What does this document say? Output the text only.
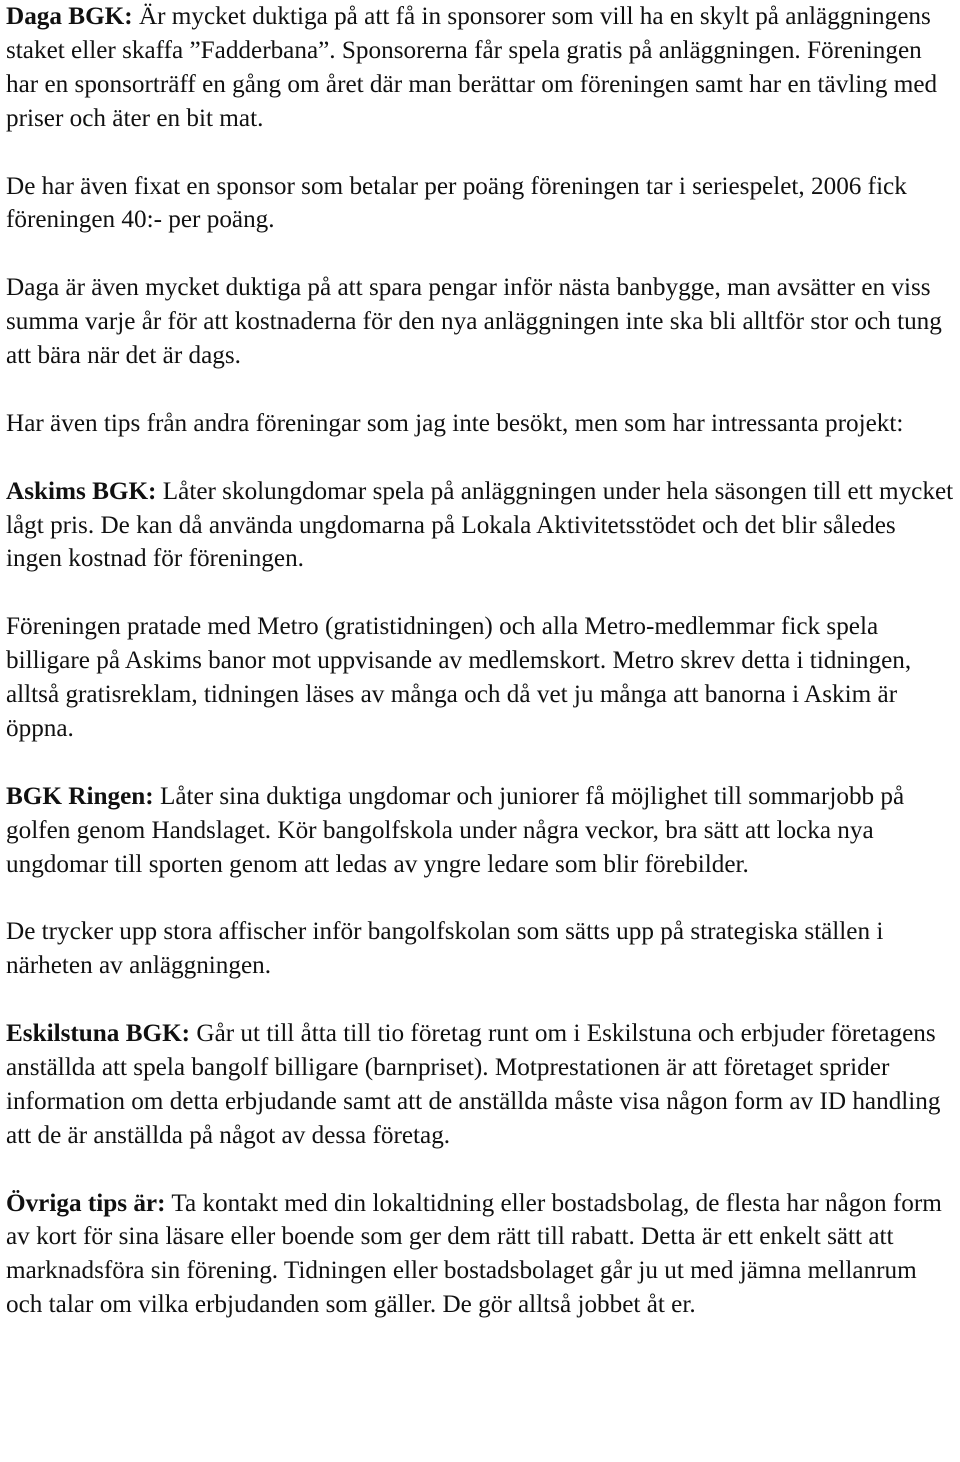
Daga BGK: Är mycket duktiga på att få in sponsorer som vill ha en skylt på anläggningens staket eller skaffa ”Fadderbana”. Sponsorerna får spela gratis på anläggningen. Föreningen har en sponsorträff en gång om året där man berättar om föreningen samt har en tävling med priser och äter en bit mat.

De har även fixat en sponsor som betalar per poäng föreningen tar i seriespelet, 2006 fick föreningen 40:- per poäng.

Daga är även mycket duktiga på att spara pengar inför nästa banbygge, man avsätter en viss summa varje år för att kostnaderna för den nya anläggningen inte ska bli alltför stor och tung att bära när det är dags.

Har även tips från andra föreningar som jag inte besökt, men som har intressanta projekt:

Askims BGK: Låter skolungdomar spela på anläggningen under hela säsongen till ett mycket lågt pris. De kan då använda ungdomarna på Lokala Aktivitetsstödet och det blir således ingen kostnad för föreningen.

Föreningen pratade med Metro (gratistidningen) och alla Metro-medlemmar fick spela billigare på Askims banor mot uppvisande av medlemskort. Metro skrev detta i tidningen, alltså gratisreklam, tidningen läses av många och då vet ju många att banorna i Askim är öppna.

BGK Ringen: Låter sina duktiga ungdomar och juniorer få möjlighet till sommarjobb på golfen genom Handslaget. Kör bangolfskola under några veckor, bra sätt att locka nya ungdomar till sporten genom att ledas av yngre ledare som blir förebilder.

De trycker upp stora affischer inför bangolfskolan som sätts upp på strategiska ställen i närheten av anläggningen.

Eskilstuna BGK: Går ut till åtta till tio företag runt om i Eskilstuna och erbjuder företagens anställda att spela bangolf billigare (barnpriset). Motprestationen är att företaget sprider information om detta erbjudande samt att de anställda måste visa någon form av ID handling att de är anställda på något av dessa företag.

Övriga tips är: Ta kontakt med din lokaltidning eller bostadsbolag, de flesta har någon form av kort för sina läsare eller boende som ger dem rätt till rabatt. Detta är ett enkelt sätt att marknadsföra sin förening. Tidningen eller bostadsbolaget går ju ut med jämna mellanrum och talar om vilka erbjudanden som gäller. De gör alltså jobbet åt er.
